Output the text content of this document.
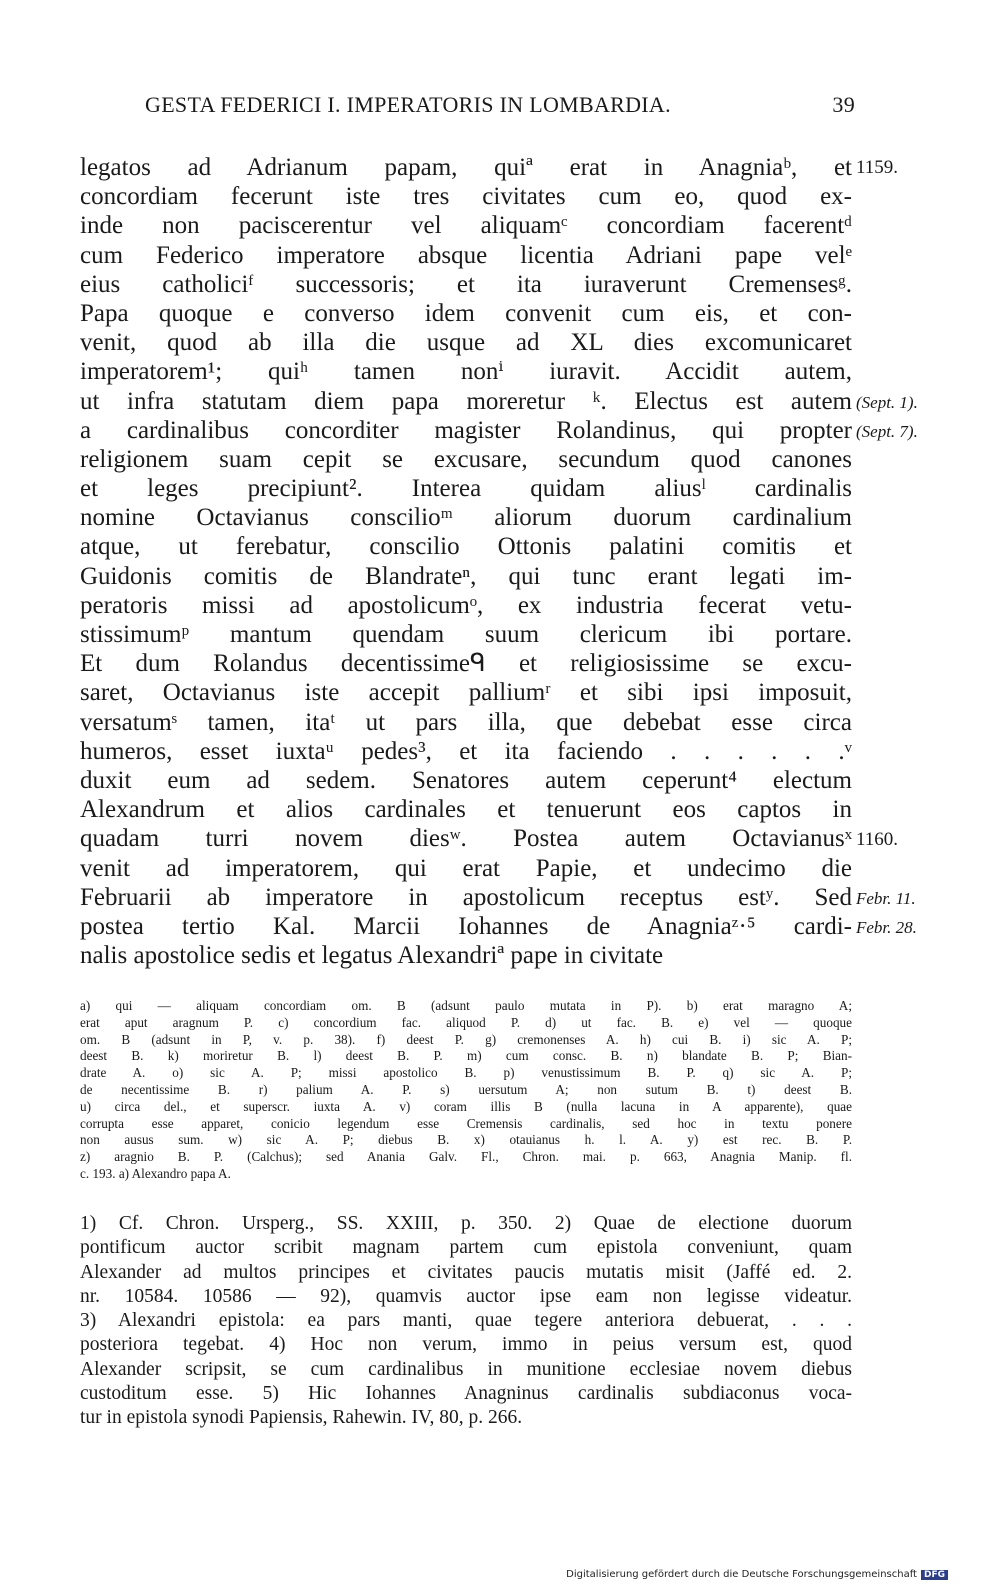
GESTA FEDERICI I. IMPERATORIS IN LOMBARDIA.	39
legatos ad Adrianum papam, quiª erat in Anagniaᵇ, et
concordiam fecerunt iste tres civitates cum eo, quod ex-
inde non paciscerentur vel aliquamᶜ concordiam facerentᵈ
cum Federico imperatore absque licentia Adriani pape velᵉ
eius catholiciᶠ successoris; et ita iuraverunt Cremensesᵍ.
Papa quoque e converso idem convenit cum eis, et con-
venit, quod ab illa die usque ad XL dies excomunicaret
imperatorem¹; quiʰ tamen nonⁱ iuravit. Accidit autem,
ut infra statutam diem papa moreretur ᵏ. Electus est autem
a cardinalibus concorditer magister Rolandinus, qui propter
religionem suam cepit se excusare, secundum quod canones
et leges precipiunt². Interea quidam aliusˡ cardinalis
nomine Octavianus conscilioᵐ aliorum duorum cardinalium
atque, ut ferebatur, conscilio Ottonis palatini comitis et
Guidonis comitis de Blandrateⁿ, qui tunc erant legati im-
peratoris missi ad apostolicumᵒ, ex industria fecerat vetu-
stissimumᵖ mantum quendam suum clericum ibi portare.
Et dum Rolandus decentissimeᑫ et religiosissime se excu-
saret, Octavianus iste accepit palliumʳ et sibi ipsi imposuit,
versatumˢ tamen, itaᵗ ut pars illa, que debebat esse circa
humeros, esset iuxtaᵘ pedes³, et ita faciendo . . . . . .ᵛ
duxit eum ad sedem. Senatores autem ceperunt⁴ electum
Alexandrum et alios cardinales et tenuerunt eos captos in
quadam turri novem diesʷ. Postea autem Octavianusˣ
venit ad imperatorem, qui erat Papie, et undecimo die
Februarii ab imperatore in apostolicum receptus estʸ. Sed
postea tertio Kal. Marcii Iohannes de Anagniaᶻ·⁵ cardi-
nalis apostolice sedis et legatus Alexandriª pape in civitate
1159.
(Sept. 1).
(Sept. 7).
1160.
Febr. 11.
Febr. 28.
a) qui — aliquam concordiam om. B (adsunt paulo mutata in P). b) erat maragno A;
erat aput aragnum P. c) concordium fac. aliquod P. d) ut fac. B. e) vel — quoque
om. B (adsunt in P, v. p. 38). f) deest P. g) cremonenses A. h) cui B. i) sic A. P;
deest B. k) moriretur B. l) deest B. P. m) cum consc. B. n) blandate B. P; Bian-
drate A. o) sic A. P; missi apostolico B. p) venustissimum B. P. q) sic A. P;
de necentissime B. r) palium A. P. s) uersutum A; non sutum B. t) deest B.
u) circa del., et superscr. iuxta A. v) coram illis B (nulla lacuna in A apparente), quae
corrupta esse apparet, conicio legendum esse Cremensis cardinalis, sed hoc in textu ponere
non ausus sum. w) sic A. P; diebus B. x) otauianus h. l. A. y) est rec. B. P.
z) aragnio B. P. (Calchus); sed Anania Galv. Fl., Chron. mai. p. 663, Anagnia Manip. fl.
c. 193. a) Alexandro papa A.
1) Cf. Chron. Ursperg., SS. XXIII, p. 350. 2) Quae de electione duorum
pontificum auctor scribit magnam partem cum epistola conveniunt, quam
Alexander ad multos principes et civitates paucis mutatis misit (Jaffé ed. 2.
nr. 10584. 10586 — 92), quamvis auctor ipse eam non legisse videatur.
3) Alexandri epistola: ea pars manti, quae tegere anteriora debuerat, . . .
posteriora tegebat. 4) Hoc non verum, immo in peius versum est, quod
Alexander scripsit, se cum cardinalibus in munitione ecclesiae novem diebus
custoditum esse. 5) Hic Iohannes Anagninus cardinalis subdiaconus voca-
tur in epistola synodi Papiensis, Rahewin. IV, 80, p. 266.
Digitalisierung gefördert durch die Deutsche Forschungsgemeinschaft DFG
